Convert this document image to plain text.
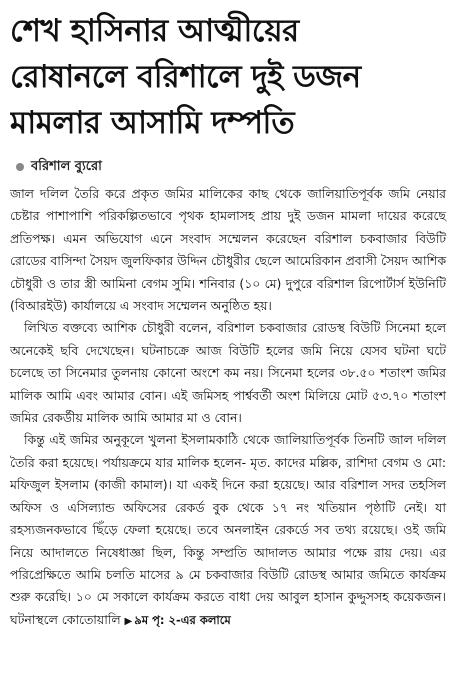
শেখ হাসিনার আত্মীয়ের
রোষানলে বরিশালে দুই ডজন
মামলার আসামি দম্পতি
বরিশাল ব্যুরো

জাল দলিল তৈরি করে প্রকৃত জমির মালিকের কাছ থেকে জালিয়াতিপূর্বক জমি নেয়ার চেষ্টার পাশাপাশি পরিকল্পিতভাবে পৃথক হামলাসহ প্রায় দুই ডজন মামলা দায়ের করেছে প্রতিপক্ষ। এমন অভিযোগ এনে সংবাদ সম্মেলন করেছেন বরিশাল চকবাজার বিউটি রোডের বাসিন্দা সৈয়দ জুলফিকার উদ্দিন চৌধুরীর ছেলে আমেরিকান প্রবাসী সৈয়দ আশিক চৌধুরী ও তার স্ত্রী আমিনা বেগম সুমি। শনিবার (১০ মে) দুপুরে বরিশাল রিপোর্টার্স ইউনিটি (বিআরইউ) কার্যালয়ে এ সংবাদ সম্মেলন অনুষ্ঠিত হয়।

লিখিত বক্তব্যে আশিক চৌধুরী বলেন, বরিশাল চকবাজার রোডস্থ বিউটি সিনেমা হলে অনেকেই ছবি দেখেছেন। ঘটনাচক্রে আজ বিউটি হলের জমি নিয়ে যেসব ঘটনা ঘটে চলেছে তা সিনেমার তুলনায় কোনো অংশে কম নয়। সিনেমা হলের ৩৮.৫০ শতাংশ জমির মালিক আমি এবং আমার বোন। এই জমিসহ পার্শ্ববর্তী অংশ মিলিয়ে মোট ৫৩.৭০ শতাংশ জমির রেকর্ডীয় মালিক আমি আমার মা ও বোন।

কিন্তু এই জমির অনুকূলে খুলনা ইসলামকাঠি থেকে জালিয়াতিপূর্বক তিনটি জাল দলিল তৈরি করা হয়েছে। পর্যায়ক্রমে যার মালিক হলেন- মৃত. কাদের মল্লিক, রাশিদা বেগম ও মো: মফিজুল ইসলাম (কাজী কামাল)। যা একই দিনে করা হয়েছে। আর বরিশাল সদর তহসিল অফিস ও এসিল্যান্ড অফিসের রেকর্ড বুক থেকে ১৭ নং খতিয়ান পৃষ্ঠাটি নেই। যা রহস্যজনকভাবে ছিঁড়ে ফেলা হয়েছে। তবে অনলাইন রেকর্ডে সব তথ্য রয়েছে। ওই জমি নিয়ে আদালতে নিষেধাজ্ঞা ছিল, কিন্তু সম্প্রতি আদালত আমার পক্ষে রায় দেয়। এর পরিপ্রেক্ষিতে আমি চলতি মাসের ৯ মে চকবাজার বিউটি রোডস্থ আমার জমিতে কার্যক্রম শুরু করেছি। ১০ মে সকালে কার্যক্রম করতে বাধা দেয় আবুল হাসান কুদ্দুসসহ কয়েকজন। ঘটনাস্থলে কোতোয়ালি ▶ ৯ম পৃ: ২-এর কলামে
